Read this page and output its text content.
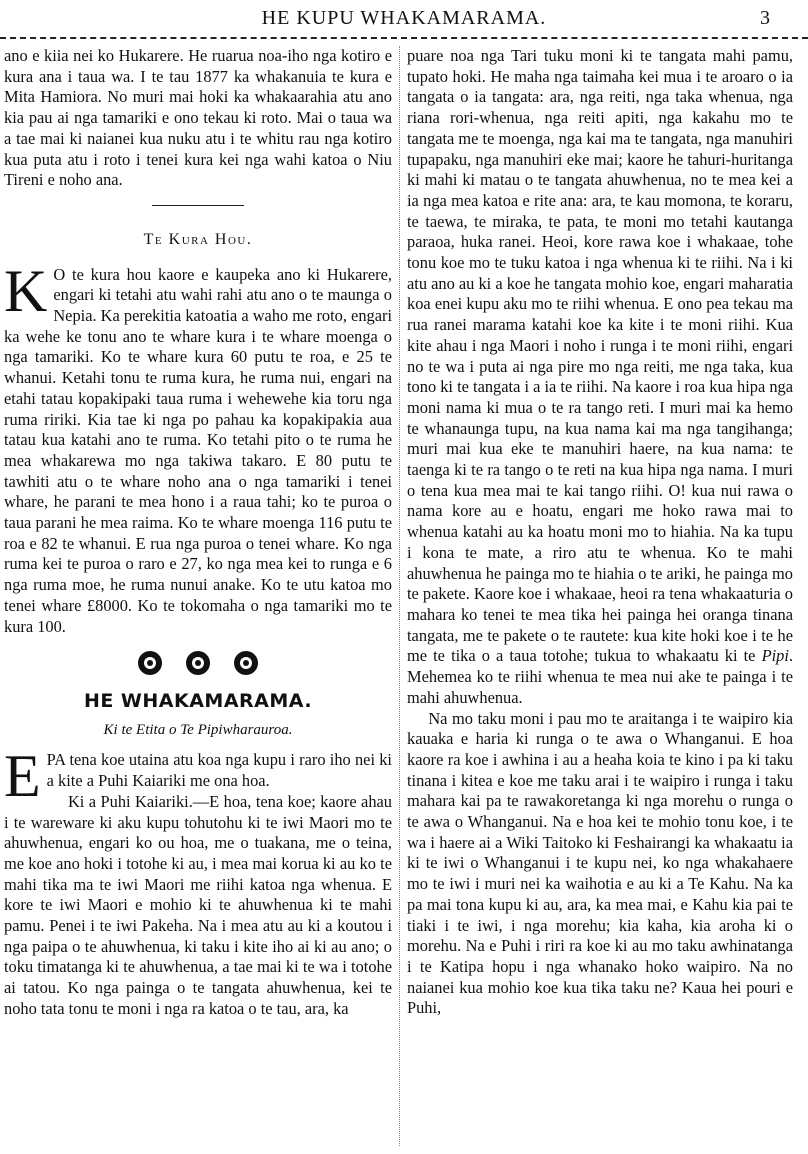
HE KUPU WHAKAMARAMA.	3

ano e kiia nei ko Hukarere. He ruarua noa-iho nga kotiro e kura ana i taua wa. I te tau 1877 ka whakanuia te kura e Mita Hamiora. No muri mai hoki ka whakaarahia atu ano kia pau ai nga tamariki e ono tekau ki roto. Mai o taua wa a tae mai ki naianei kua nuku atu i te whitu rau nga kotiro kua puta atu i roto i tenei kura kei nga wahi katoa o Niu Tireni e noho ana.

Te Kura Hou.

K O te kura hou kaore e kaupeka ano ki Hukarere, engari ki tetahi atu wahi rahi atu ano o te maunga o Nepia. Ka perekitia katoatia a waho me roto, engari ka wehe ke tonu ano te whare kura i te whare moenga o nga tamariki. Ko te whare kura 60 putu te roa, e 25 te whanui. Ketahi tonu te ruma kura, he ruma nui, engari na etahi tatau kopakipaki taua ruma i wehewehe kia toru nga ruma ririki. Kia tae ki nga po pahau ka kopakipakia aua tatau kua katahi ano te ruma. Ko tetahi pito o te ruma he mea whakarewa mo nga takiwa takaro. E 80 putu te tawhiti atu o te whare noho ana o nga tamariki i tenei whare, he parani te mea hono i a raua tahi; ko te puroa o taua parani he mea raima. Ko te whare moenga 116 putu te roa e 82 te whanui. E rua nga puroa o tenei whare. Ko nga ruma kei te puroa o raro e 27, ko nga mea kei to runga e 6 nga ruma moe, he ruma nunui anake. Ko te utu katoa mo tenei whare £8000. Ko te tokomaha o nga tamariki mo te kura 100.

HE WHAKAMARAMA.
Ki te Etita o Te Pipiwharauroa.

EPA tena koe utaina atu koa nga kupu i raro iho nei ki a kite a Puhi Kaiariki me ona hoa.

Ki a Puhi Kaiariki.—E hoa, tena koe; kaore ahau i te wareware ki aku kupu tohutohu ki te iwi Maori mo te ahuwhenua, engari ko ou hoa, me o tuakana, me o teina, me koe ano hoki i totohe ki au, i mea mai korua ki au ko te mahi tika ma te iwi Maori me riihi katoa nga whenua. E kore te iwi Maori e mohio ki te ahuwhenua ki te mahi pamu. Penei i te iwi Pakeha. Na i mea atu au ki a koutou i nga paipa o te ahuwhenua, ki taku i kite iho ai ki au ano; o toku timatanga ki te ahuwhenua, a tae mai ki te wa i totohe ai tatou. Ko nga painga o te tangata ahuwhenua, kei te noho tata tonu te moni i nga ra katoa o te tau, ara, ka

puare noa nga Tari tuku moni ki te tangata mahi pamu, tupato hoki. He maha nga taimaha kei mua i te aroaro o ia tangata o ia tangata: ara, nga reiti, nga taka whenua, nga riana rori-whenua, nga reiti apiti, nga kakahu mo te tangata me te moenga, nga kai ma te tangata, nga manuhiri tupapaku, nga manuhiri eke mai; kaore he tahuri-huritanga ki mahi ki matau o te tangata ahuwhenua, no te mea kei a ia nga mea katoa e rite ana: ara, te kau momona, te koraru, te taewa, te miraka, te pata, te moni mo tetahi kautanga paraoa, huka ranei. Heoi, kore rawa koe i whakaae, tohe tonu koe mo te tuku katoa i nga whenua ki te riihi. Na i ki atu ano au ki a koe he tangata mohio koe, engari maharatia koa enei kupu aku mo te riihi whenua. E ono pea tekau ma rua ranei marama katahi koe ka kite i te moni riihi. Kua kite ahau i nga Maori i noho i runga i te moni riihi, engari no te wa i puta ai nga pire mo nga reiti, me nga taka, kua tono ki te tangata i a ia te riihi. Na kaore i roa kua hipa nga moni nama ki mua o te ra tango reti. I muri mai ka hemo te whanaunga tupu, na kua nama kai ma nga tangihanga; muri mai kua eke te manuhiri haere, na kua nama: te taenga ki te ra tango o te reti na kua hipa nga nama. I muri o tena kua mea mai te kai tango riihi. O! kua nui rawa o nama kore au e hoatu, engari me hoko rawa mai to whenua katahi au ka hoatu moni mo to hiahia. Na ka tupu i kona te mate, a riro atu te whenua. Ko te mahi ahuwhenua he painga mo te hiahia o te ariki, he painga mo te pakete. Kaore koe i whakaae, heoi ra tena whakaaturia o mahara ko tenei te mea tika hei painga hei oranga tinana tangata, me te pakete o te rautete: kua kite hoki koe i te he me te tika o a taua totohe; tukua to whakaatu ki te Pipi. Mehemea ko te riihi whenua te mea nui ake te painga i te mahi ahuwhenua.

Na mo taku moni i pau mo te araitanga i te waipiro kia kauaka e haria ki runga o te awa o Whanganui. E hoa kaore ra koe i awhina i au a heaha koia te kino i pa ki taku tinana i kitea e koe me taku arai i te waipiro i runga i taku mahara kai pa te rawakoretanga ki nga morehu o runga o te awa o Whanganui. Na e hoa kei te mohio tonu koe, i te wa i haere ai a Wiki Taitoko ki Feshairangi ka whakaatu ia ki te iwi o Whanganui i te kupu nei, ko nga whakahaere mo te iwi i muri nei ka waihotia e au ki a Te Kahu. Na ka pa mai tona kupu ki au, ara, ka mea mai, e Kahu kia pai te tiaki i te iwi, i nga morehu; kia kaha, kia aroha ki o morehu. Na e Puhi i riri ra koe ki au mo taku awhinatanga i te Katipa hopu i nga whanako hoko waipiro. Na no naianei kua mohio koe kua tika taku ne? Kaua hei pouri e Puhi,
